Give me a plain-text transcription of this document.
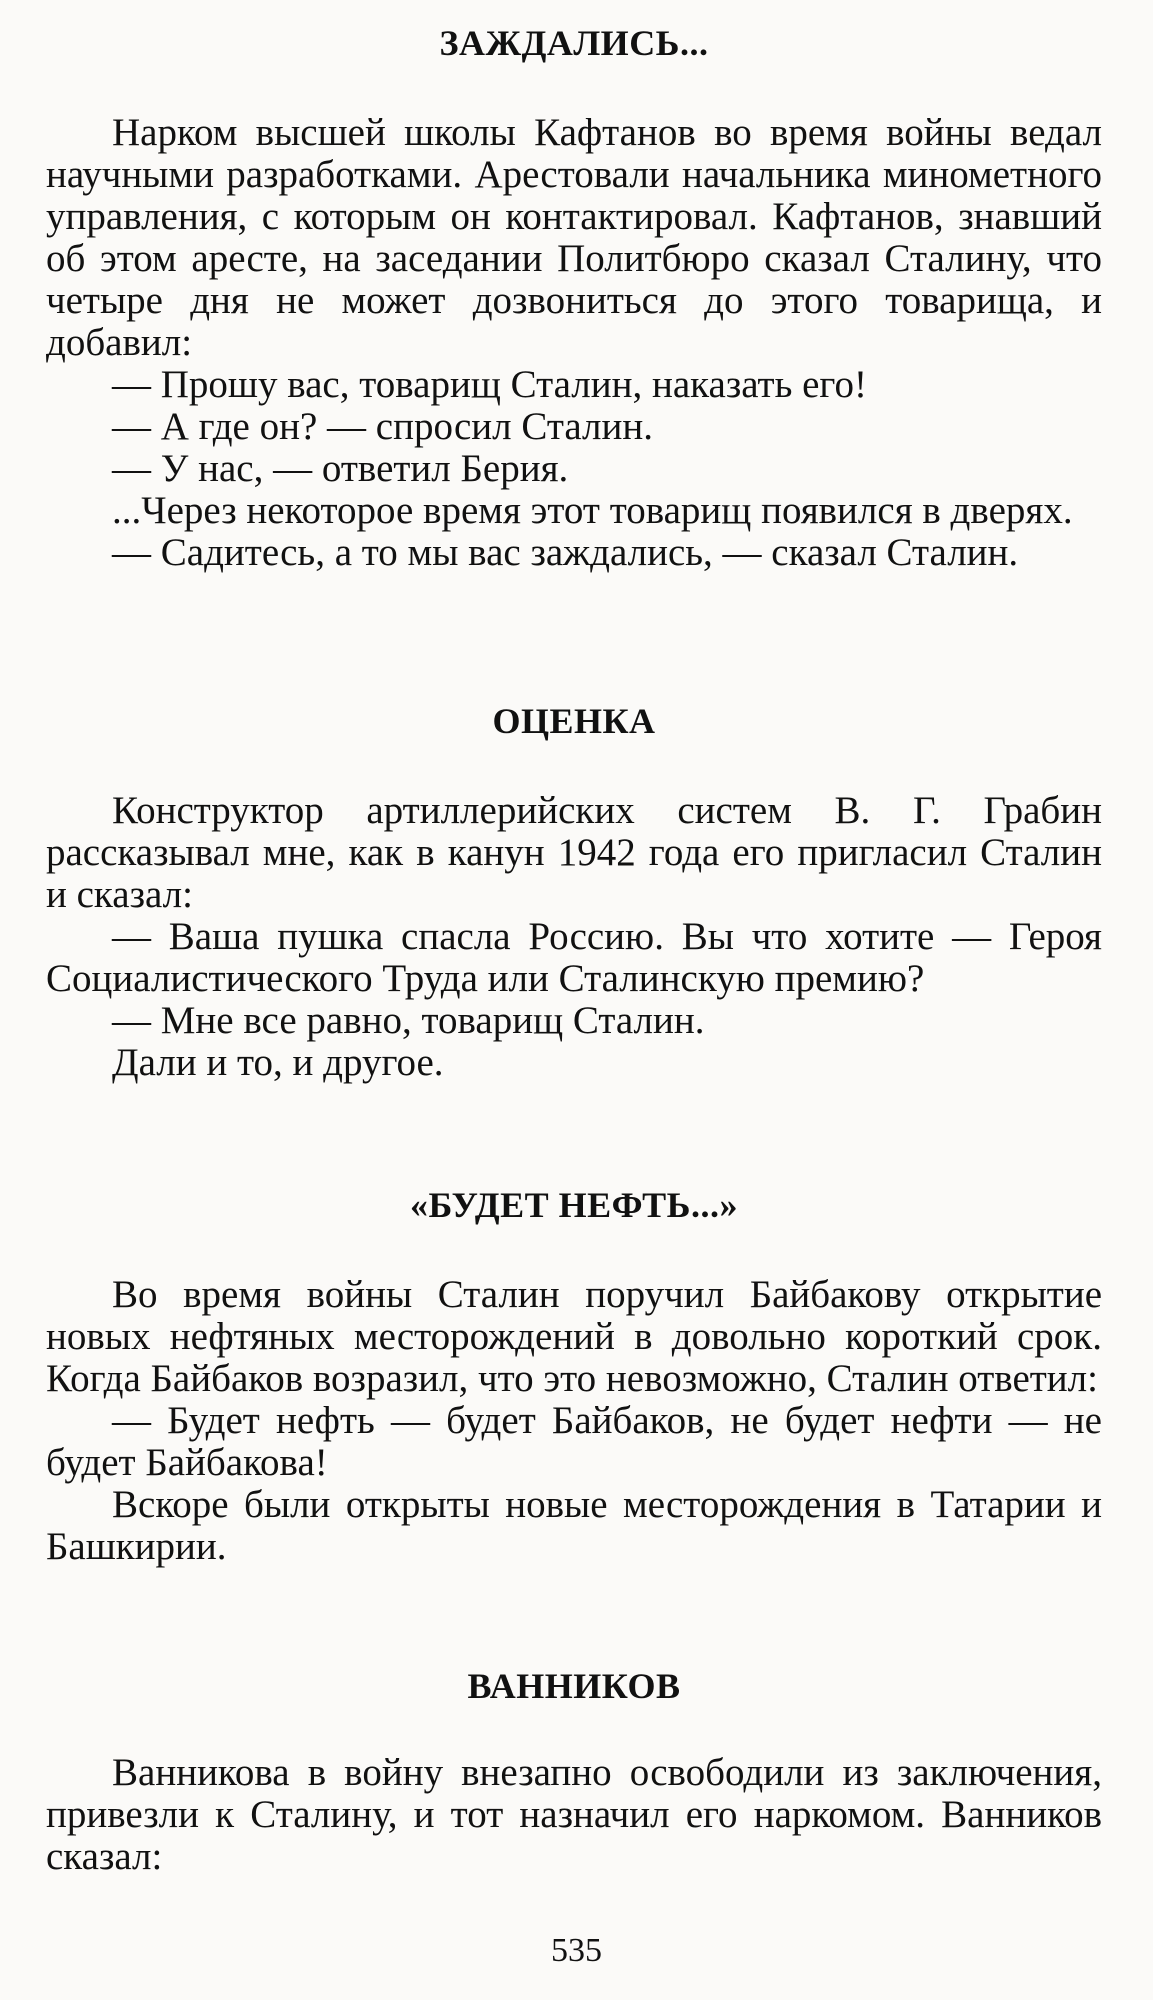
ЗАЖДАЛИСЬ...

Нарком высшей школы Кафтанов во время войны ведал научными разработками. Арестовали начальника минометного управления, с которым он контактировал. Кафтанов, знавший об этом аресте, на заседании Политбюро сказал Сталину, что четыре дня не может дозвониться до этого товарища, и добавил:

— Прошу вас, товарищ Сталин, наказать его!

— А где он? — спросил Сталин.

— У нас, — ответил Берия.

...Через некоторое время этот товарищ появился в дверях.

— Садитесь, а то мы вас заждались, — сказал Сталин.

ОЦЕНКА

Конструктор артиллерийских систем В. Г. Грабин рассказывал мне, как в канун 1942 года его пригласил Сталин и сказал:

— Ваша пушка спасла Россию. Вы что хотите — Героя Социалистического Труда или Сталинскую премию?

— Мне все равно, товарищ Сталин.

Дали и то, и другое.

«БУДЕТ НЕФТЬ...»

Во время войны Сталин поручил Байбакову открытие новых нефтяных месторождений в довольно короткий срок. Когда Байбаков возразил, что это невозможно, Сталин ответил:

— Будет нефть — будет Байбаков, не будет нефти — не будет Байбакова!

Вскоре были открыты новые месторождения в Татарии и Башкирии.

ВАННИКОВ

Ванникова в войну внезапно освободили из заключения, привезли к Сталину, и тот назначил его наркомом. Ванников сказал:

535
